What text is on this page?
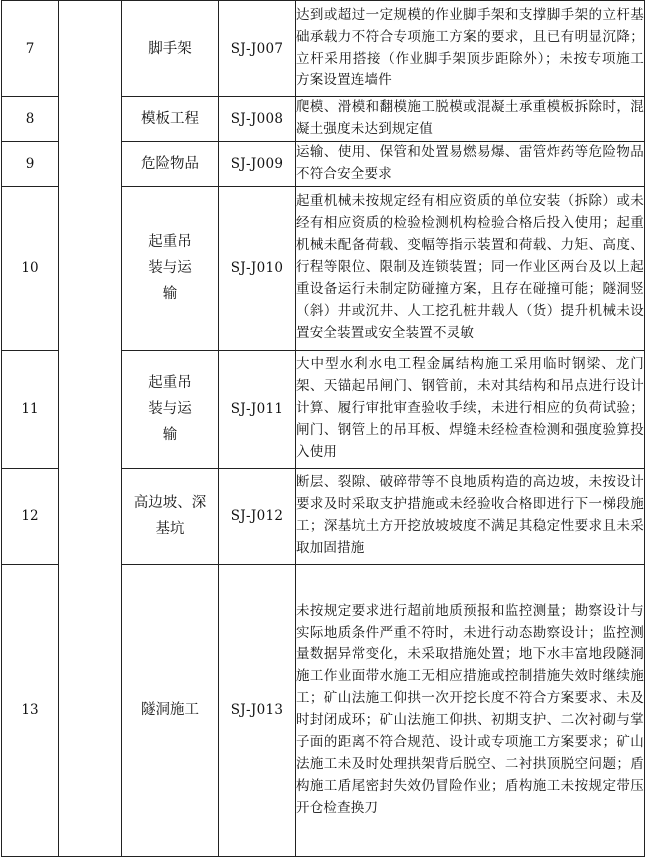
7		脚手架	SJ-J007	达到或超过一定规模的作业脚手架和支撑脚手架的立杆基础承载力不符合专项施工方案的要求，且已有明显沉降；立杆采用搭接（作业脚手架顶步距除外）；未按专项施工方案设置连墙件
8		模板工程	SJ-J008	爬模、滑模和翻模施工脱模或混凝土承重模板拆除时，混凝土强度未达到规定值
9		危险物品	SJ-J009	运输、使用、保管和处置易燃易爆、雷管炸药等危险物品不符合安全要求
10		起重吊装与运输	SJ-J010	起重机械未按规定经有相应资质的单位安装（拆除）或未经有相应资质的检验检测机构检验合格后投入使用；起重机械未配备荷载、变幅等指示装置和荷载、力矩、高度、行程等限位、限制及连锁装置；同一作业区两台及以上起重设备运行未制定防碰撞方案，且存在碰撞可能；隧洞竖（斜）井或沉井、人工挖孔桩井载人（货）提升机械未设置安全装置或安全装置不灵敏
11		起重吊装与运输	SJ-J011	大中型水利水电工程金属结构施工采用临时钢梁、龙门架、天锚起吊闸门、钢管前，未对其结构和吊点进行设计计算、履行审批审查验收手续，未进行相应的负荷试验；闸门、钢管上的吊耳板、焊缝未经检查检测和强度验算投入使用
12		高边坡、深基坑	SJ-J012	断层、裂隙、破碎带等不良地质构造的高边坡，未按设计要求及时采取支护措施或未经验收合格即进行下一梯段施工；深基坑土方开挖放坡坡度不满足其稳定性要求且未采取加固措施
13		隧洞施工	SJ-J013	未按规定要求进行超前地质预报和监控测量；勘察设计与实际地质条件严重不符时，未进行动态勘察设计；监控测量数据异常变化，未采取措施处置；地下水丰富地段隧洞施工作业面带水施工无相应措施或控制措施失效时继续施工；矿山法施工仰拱一次开挖长度不符合方案要求、未及时封闭成环；矿山法施工仰拱、初期支护、二次衬砌与掌子面的距离不符合规范、设计或专项施工方案要求；矿山法施工未及时处理拱架背后脱空、二衬拱顶脱空问题；盾构施工盾尾密封失效仍冒险作业；盾构施工未按规定带压开仓检查换刀
